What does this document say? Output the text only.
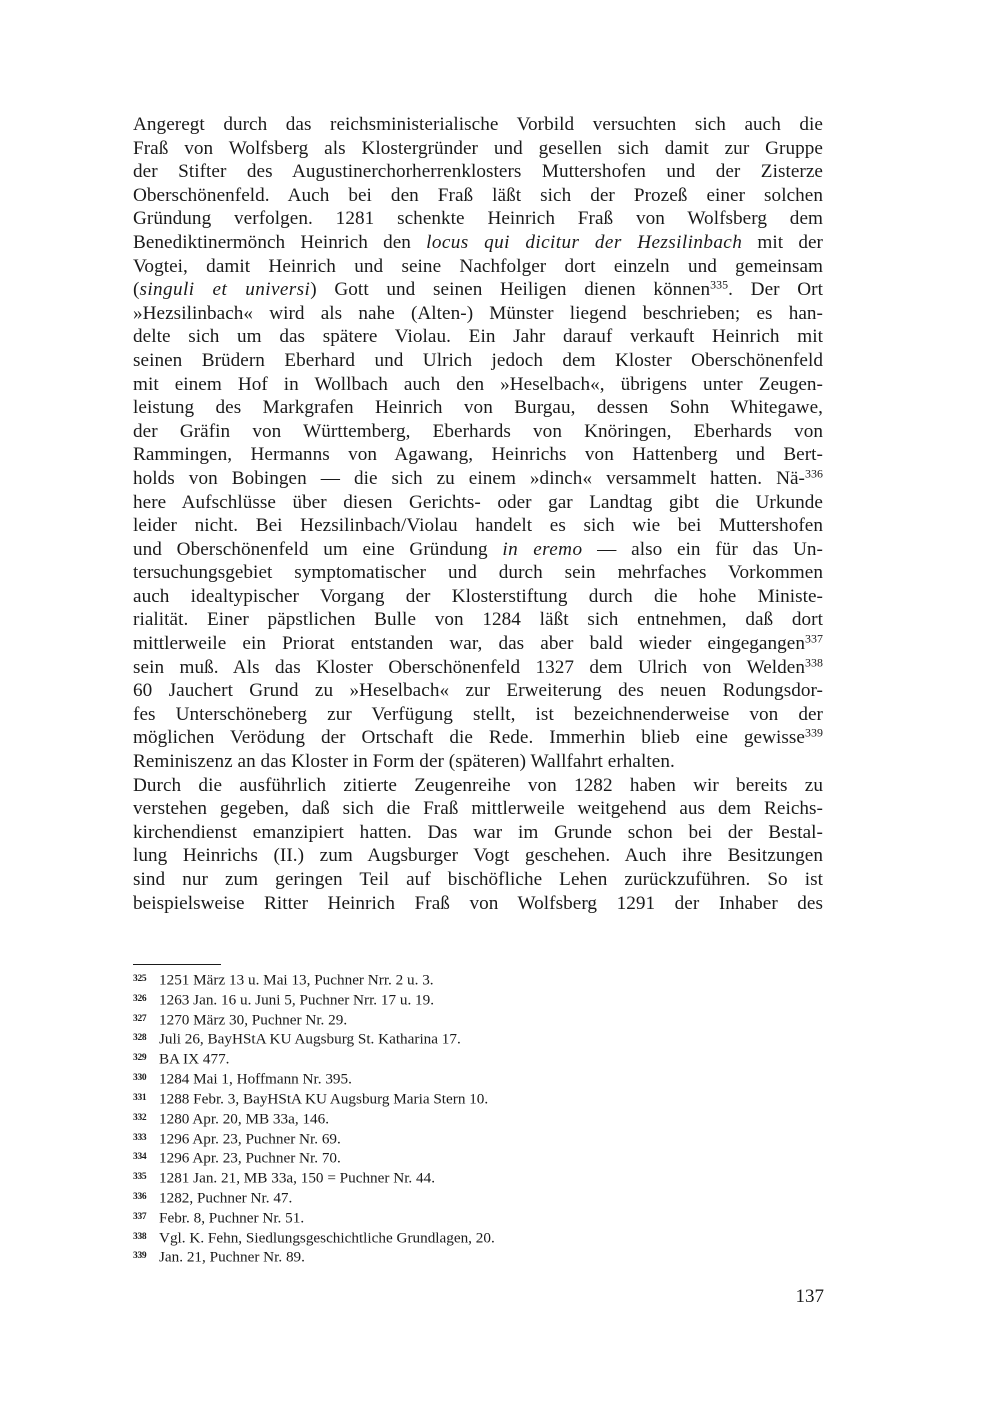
Angeregt durch das reichsministerialische Vorbild versuchten sich auch die
Fraß von Wolfsberg als Klostergründer und gesellen sich damit zur Gruppe
der Stifter des Augustinerchorherrenklosters Muttershofen und der Zisterze
Oberschönenfeld. Auch bei den Fraß läßt sich der Prozeß einer solchen
Gründung verfolgen. 1281 schenkte Heinrich Fraß von Wolfsberg dem
Benediktinermönch Heinrich den locus qui dicitur der Hezsilinbach mit der
Vogtei, damit Heinrich und seine Nachfolger dort einzeln und gemeinsam
(singuli et universi) Gott und seinen Heiligen dienen können$^{335}$. Der Ort
»Hezsilinbach« wird als nahe (Alten-) Münster liegend beschrieben; es han-
delte sich um das spätere Violau. Ein Jahr darauf verkauft Heinrich mit
seinen Brüdern Eberhard und Ulrich jedoch dem Kloster Oberschönenfeld
mit einem Hof in Wollbach auch den »Heselbach«, übrigens unter Zeugen-
leistung des Markgrafen Heinrich von Burgau, dessen Sohn Whitegawe,
der Gräfin von Württemberg, Eberhards von Knöringen, Eberhards von
Rammingen, Hermanns von Agawang, Heinrichs von Hattenberg und Bert-
holds von Bobingen — die sich zu einem »dinch« versammelt hatten. Nä-$^{336}$
here Aufschlüsse über diesen Gerichts- oder gar Landtag gibt die Urkunde
leider nicht. Bei Hezsilinbach/Violau handelt es sich wie bei Muttershofen
und Oberschönenfeld um eine Gründung in eremo — also ein für das Un-
tersuchungsgebiet symptomatischer und durch sein mehrfaches Vorkommen
auch idealtypischer Vorgang der Klosterstiftung durch die hohe Ministe-
rialität. Einer päpstlichen Bulle von 1284 läßt sich entnehmen, daß dort
mittlerweile ein Priorat entstanden war, das aber bald wieder eingegangen$^{337}$
sein muß. Als das Kloster Oberschönenfeld 1327 dem Ulrich von Welden$^{338}$
60 Jauchert Grund zu »Heselbach« zur Erweiterung des neuen Rodungsdor-
fes Unterschöneberg zur Verfügung stellt, ist bezeichnenderweise von der
möglichen Verödung der Ortschaft die Rede. Immerhin blieb eine gewisse$^{339}$
Reminiszenz an das Kloster in Form der (späteren) Wallfahrt erhalten.
Durch die ausführlich zitierte Zeugenreihe von 1282 haben wir bereits zu
verstehen gegeben, daß sich die Fraß mittlerweile weitgehend aus dem Reichs-
kirchendienst emanzipiert hatten. Das war im Grunde schon bei der Bestal-
lung Heinrichs (II.) zum Augsburger Vogt geschehen. Auch ihre Besitzungen
sind nur zum geringen Teil auf bischöfliche Lehen zurückzuführen. So ist
beispielsweise Ritter Heinrich Fraß von Wolfsberg 1291 der Inhaber des
325 1251 März 13 u. Mai 13, Puchner Nrr. 2 u. 3.
326 1263 Jan. 16 u. Juni 5, Puchner Nrr. 17 u. 19.
327 1270 März 30, Puchner Nr. 29.
328 Juli 26, BayHStA KU Augsburg St. Katharina 17.
329 BA IX 477.
330 1284 Mai 1, Hoffmann Nr. 395.
331 1288 Febr. 3, BayHStA KU Augsburg Maria Stern 10.
332 1280 Apr. 20, MB 33a, 146.
333 1296 Apr. 23, Puchner Nr. 69.
334 1296 Apr. 23, Puchner Nr. 70.
335 1281 Jan. 21, MB 33a, 150 = Puchner Nr. 44.
336 1282, Puchner Nr. 47.
337 Febr. 8, Puchner Nr. 51.
338 Vgl. K. Fehn, Siedlungsgeschichtliche Grundlagen, 20.
339 Jan. 21, Puchner Nr. 89.
137
